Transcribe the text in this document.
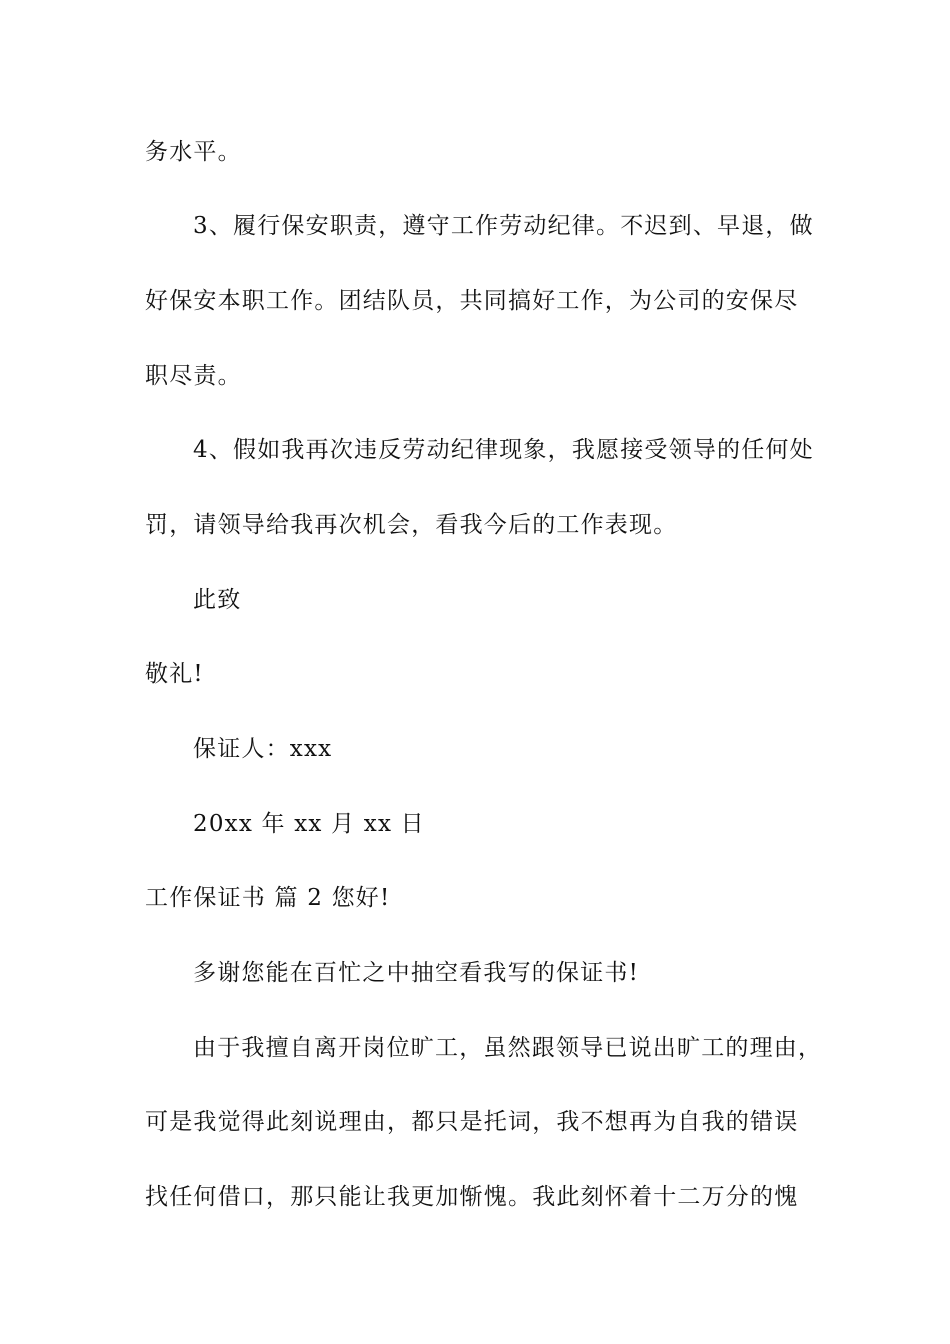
务水平。
3、履行保安职责，遵守工作劳动纪律。不迟到、早退，做
好保安本职工作。团结队员，共同搞好工作，为公司的安保尽
职尽责。
4、假如我再次违反劳动纪律现象，我愿接受领导的任何处
罚，请领导给我再次机会，看我今后的工作表现。
此致
敬礼!
保证人：xxx
20xx 年 xx 月 xx 日
工作保证书 篇 2 您好!
多谢您能在百忙之中抽空看我写的保证书!
由于我擅自离开岗位旷工，虽然跟领导已说出旷工的理由，
可是我觉得此刻说理由，都只是托词，我不想再为自我的错误
找任何借口，那只能让我更加惭愧。我此刻怀着十二万分的愧
